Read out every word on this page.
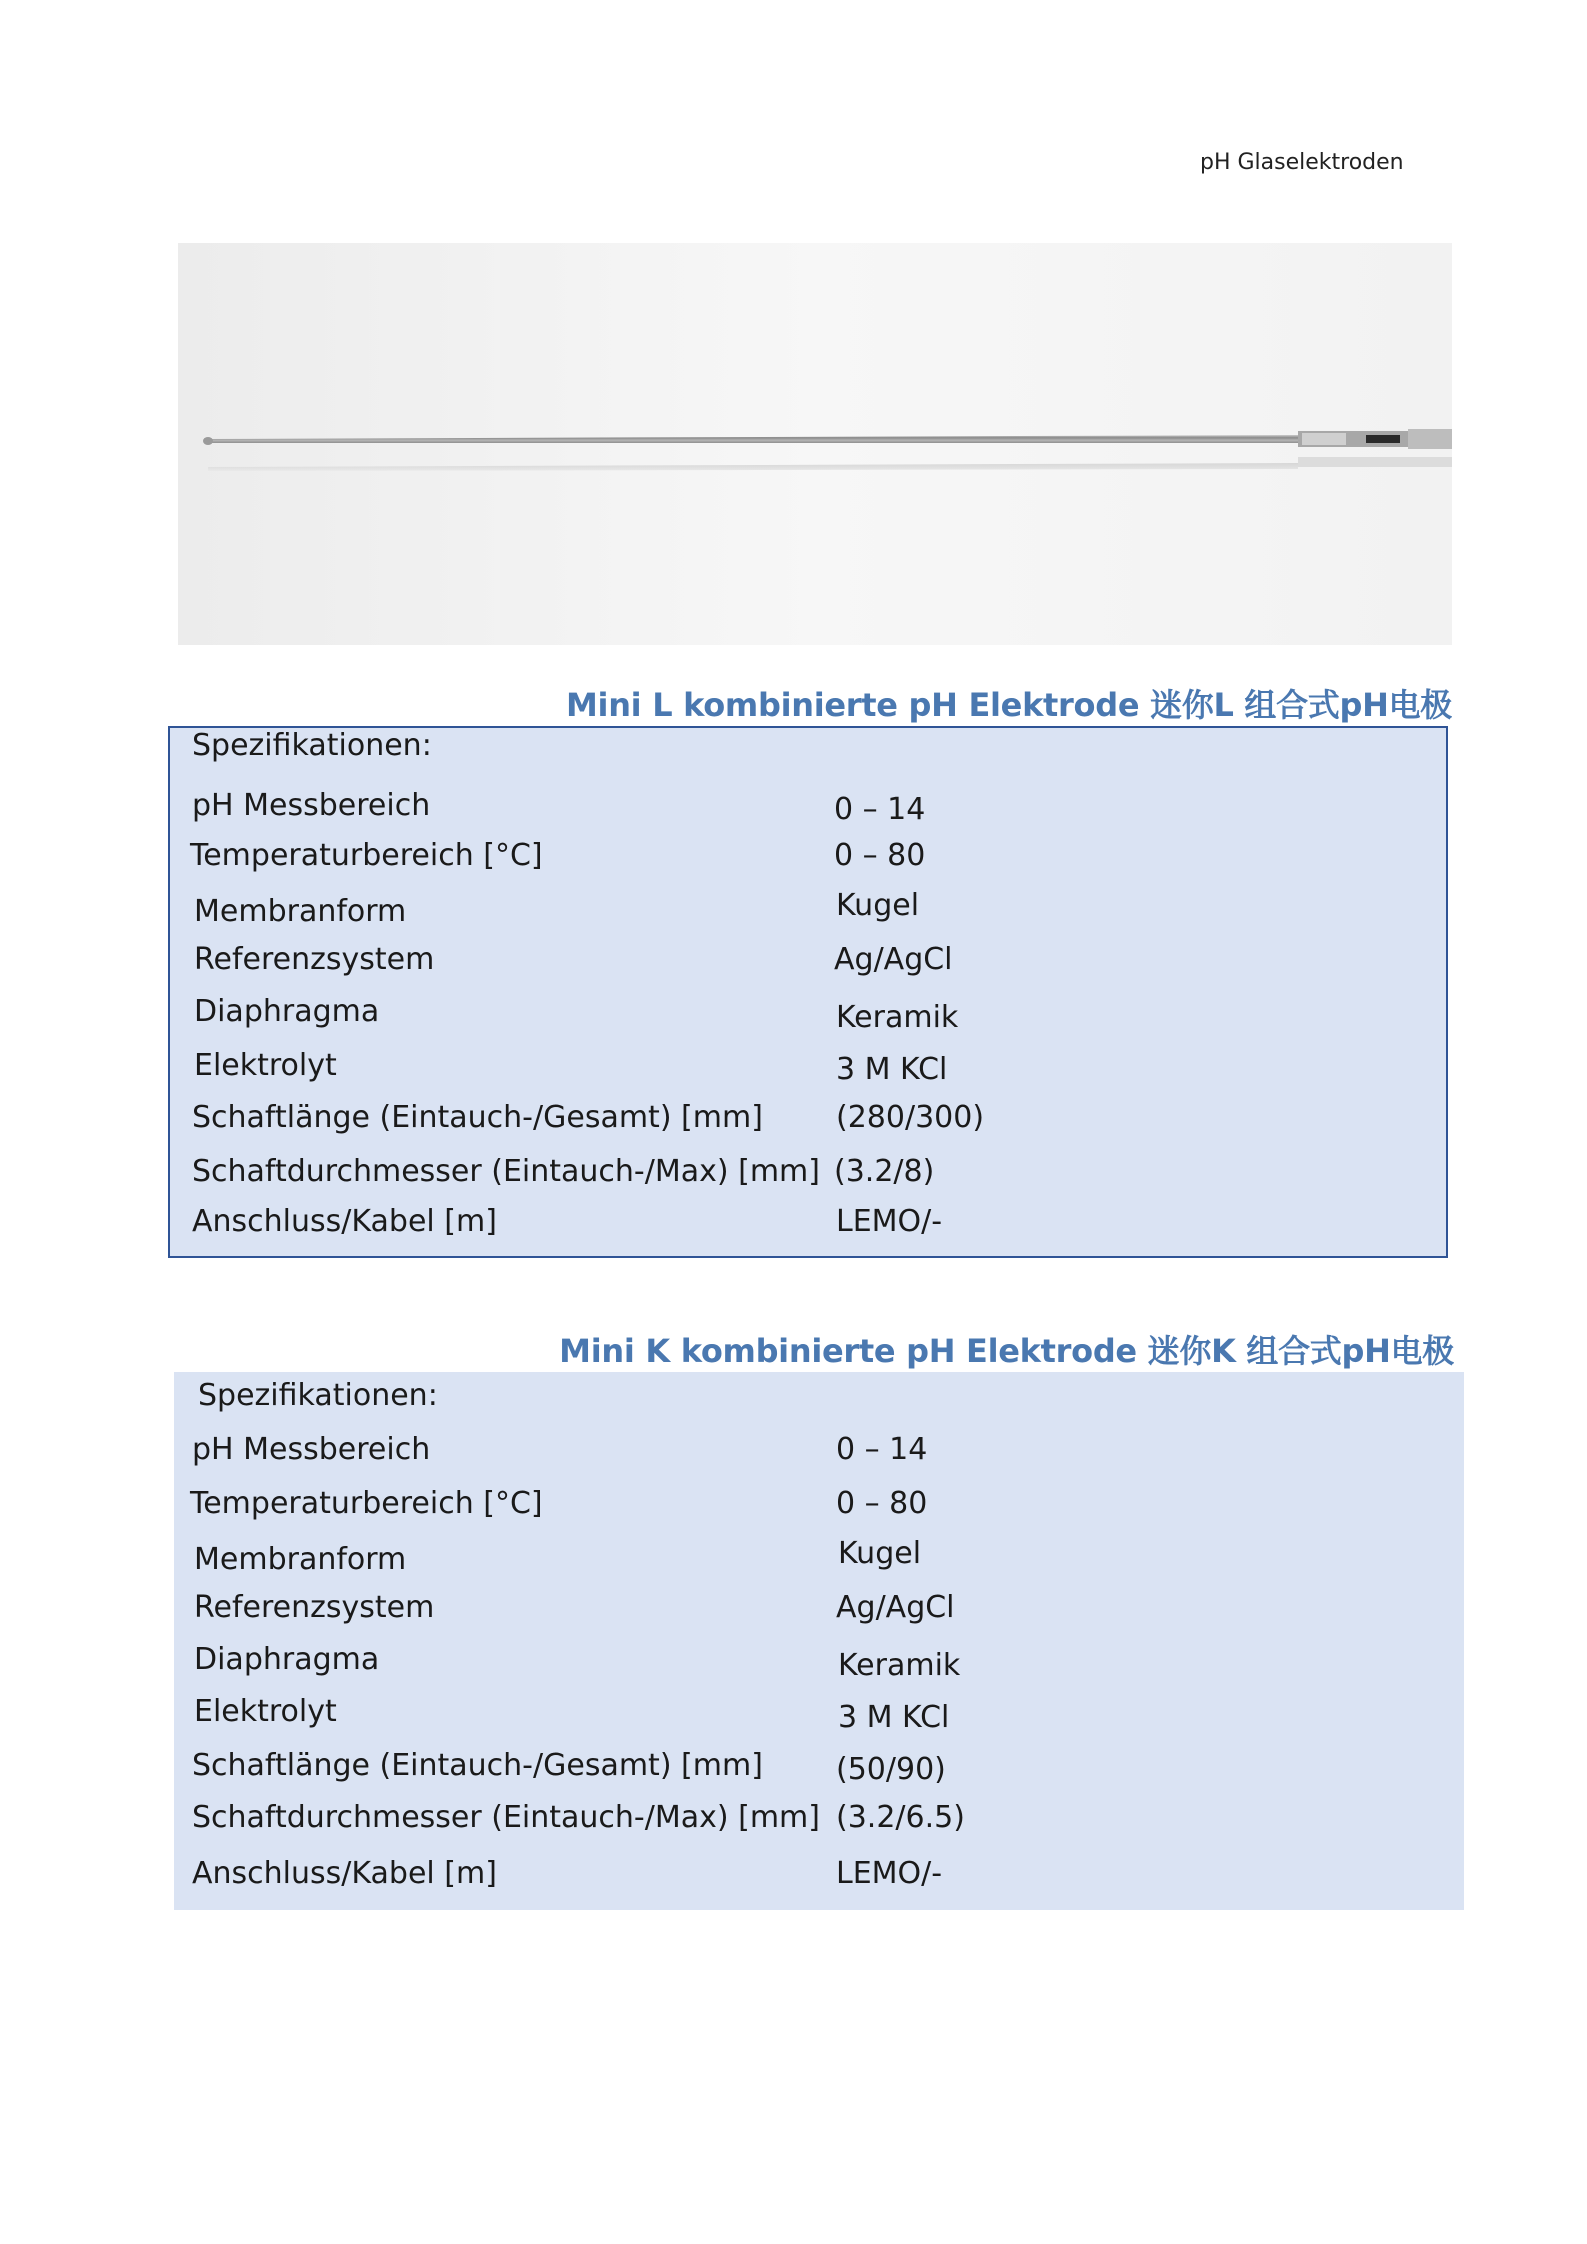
pH Glaselektroden
Mini L kombinierte pH Elektrode 迷你L 组合式pH电极
Spezifikationen:
pH Messbereich	0 – 14
Temperaturbereich [°C]	0 – 80
Membranform	Kugel
Referenzsystem	Ag/AgCl
Diaphragma	Keramik
Elektrolyt	3 M KCl
Schaftlänge (Eintauch-/Gesamt) [mm] (280/300)
Schaftdurchmesser (Eintauch-/Max) [mm] (3.2/8)
Anschluss/Kabel [m]	LEMO/-
Mini K kombinierte pH Elektrode 迷你K 组合式pH电极
Spezifikationen:
pH Messbereich	0 – 14
Temperaturbereich [°C]	0 – 80
Membranform	Kugel
Referenzsystem	Ag/AgCl
Diaphragma	Keramik
Elektrolyt	3 M KCl
Schaftlänge (Eintauch-/Gesamt) [mm] (50/90)
Schaftdurchmesser (Eintauch-/Max) [mm] (3.2/6.5)
Anschluss/Kabel [m]	LEMO/-
